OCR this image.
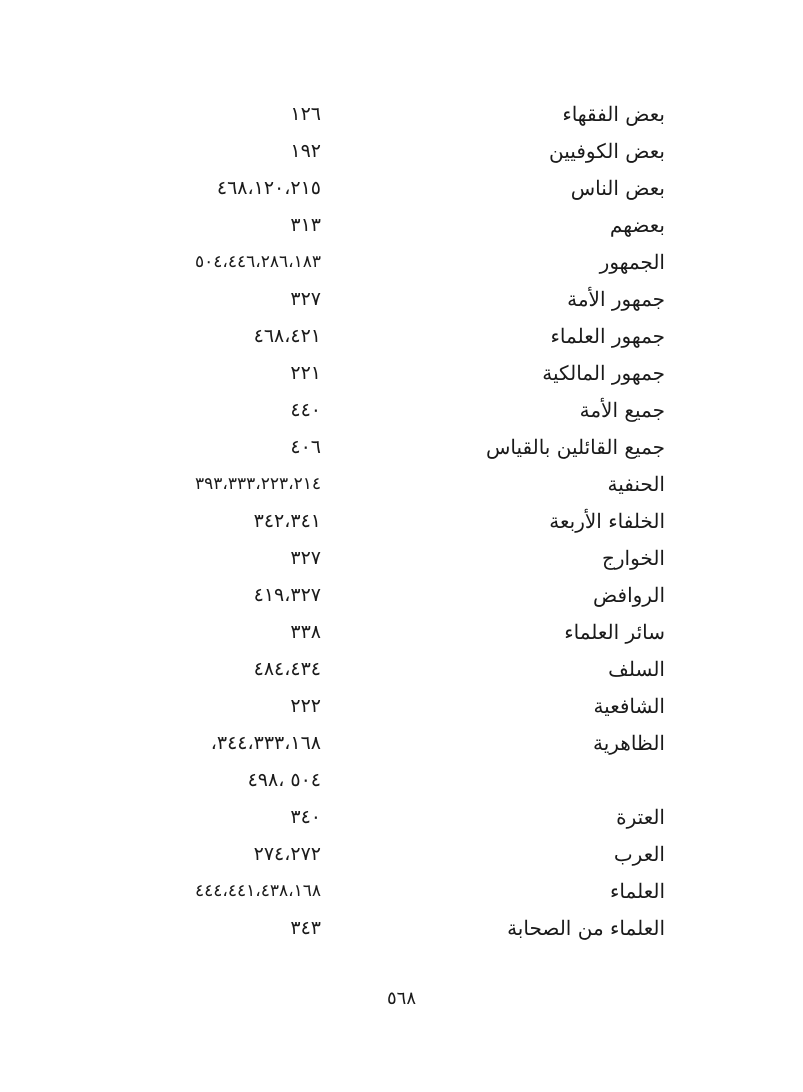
بعض الفقهاء
١٢٦
بعض الكوفيين
١٩٢
بعض الناس
٤٦٨،١٢٠،٢١٥
بعضهم
٣١٣
الجمهور
٥٠٤،٤٤٦،٢٨٦،١٨٣
جمهور الأمة
٣٢٧
جمهور العلماء
٤٦٨،٤٢١
جمهور المالكية
٢٢١
جميع الأمة
٤٤٠
جميع القائلين بالقياس
٤٠٦
الحنفية
٣٩٣،٣٣٣،٢٢٣،٢١٤
الخلفاء الأربعة
٣٤٢،٣٤١
الخوارج
٣٢٧
الروافض
٤١٩،٣٢٧
سائر العلماء
٣٣٨
السلف
٤٨٤،٤٣٤
الشافعية
٢٢٢
الظاهرية
٣٤٤،٣٣٣،١٦٨،
٥٠٤ ،٤٩٨
العترة
٣٤٠
العرب
٢٧٤،٢٧٢
العلماء
٤٤٤،٤٤١،٤٣٨،١٦٨
العلماء من الصحابة
٣٤٣
٥٦٨
